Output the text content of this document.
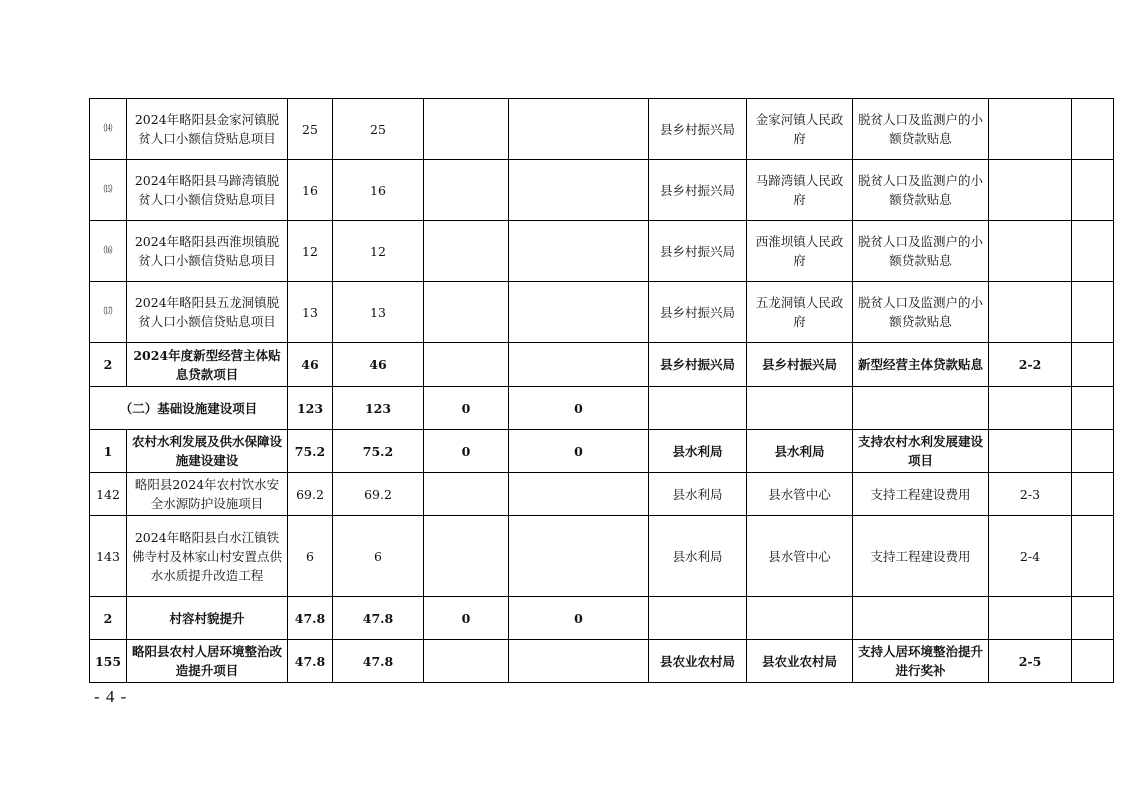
⒁	2024年略阳县金家河镇脱贫人口小额信贷贴息项目	25	25			县乡村振兴局	金家河镇人民政府	脱贫人口及监测户的小额贷款贴息		
⒂	2024年略阳县马蹄湾镇脱贫人口小额信贷贴息项目	16	16			县乡村振兴局	马蹄湾镇人民政府	脱贫人口及监测户的小额贷款贴息		
⒃	2024年略阳县西淮坝镇脱贫人口小额信贷贴息项目	12	12			县乡村振兴局	西淮坝镇人民政府	脱贫人口及监测户的小额贷款贴息		
⒄	2024年略阳县五龙洞镇脱贫人口小额信贷贴息项目	13	13			县乡村振兴局	五龙洞镇人民政府	脱贫人口及监测户的小额贷款贴息		
2	2024年度新型经营主体贴息贷款项目	46	46			县乡村振兴局	县乡村振兴局	新型经营主体贷款贴息	2-2	
（二）基础设施建设项目		123	123	0	0					
1	农村水利发展及供水保障设施建设建设	75.2	75.2	0	0	县水利局	县水利局	支持农村水利发展建设项目		
142	略阳县2024年农村饮水安全水源防护设施项目	69.2	69.2			县水利局	县水管中心	支持工程建设费用	2-3	
143	2024年略阳县白水江镇铁佛寺村及林家山村安置点供水水质提升改造工程	6	6			县水利局	县水管中心	支持工程建设费用	2-4	
2	村容村貌提升	47.8	47.8	0	0					
155	略阳县农村人居环境整治改造提升项目	47.8	47.8			县农业农村局	县农业农村局	支持人居环境整治提升进行奖补	2-5	
- 4 -
